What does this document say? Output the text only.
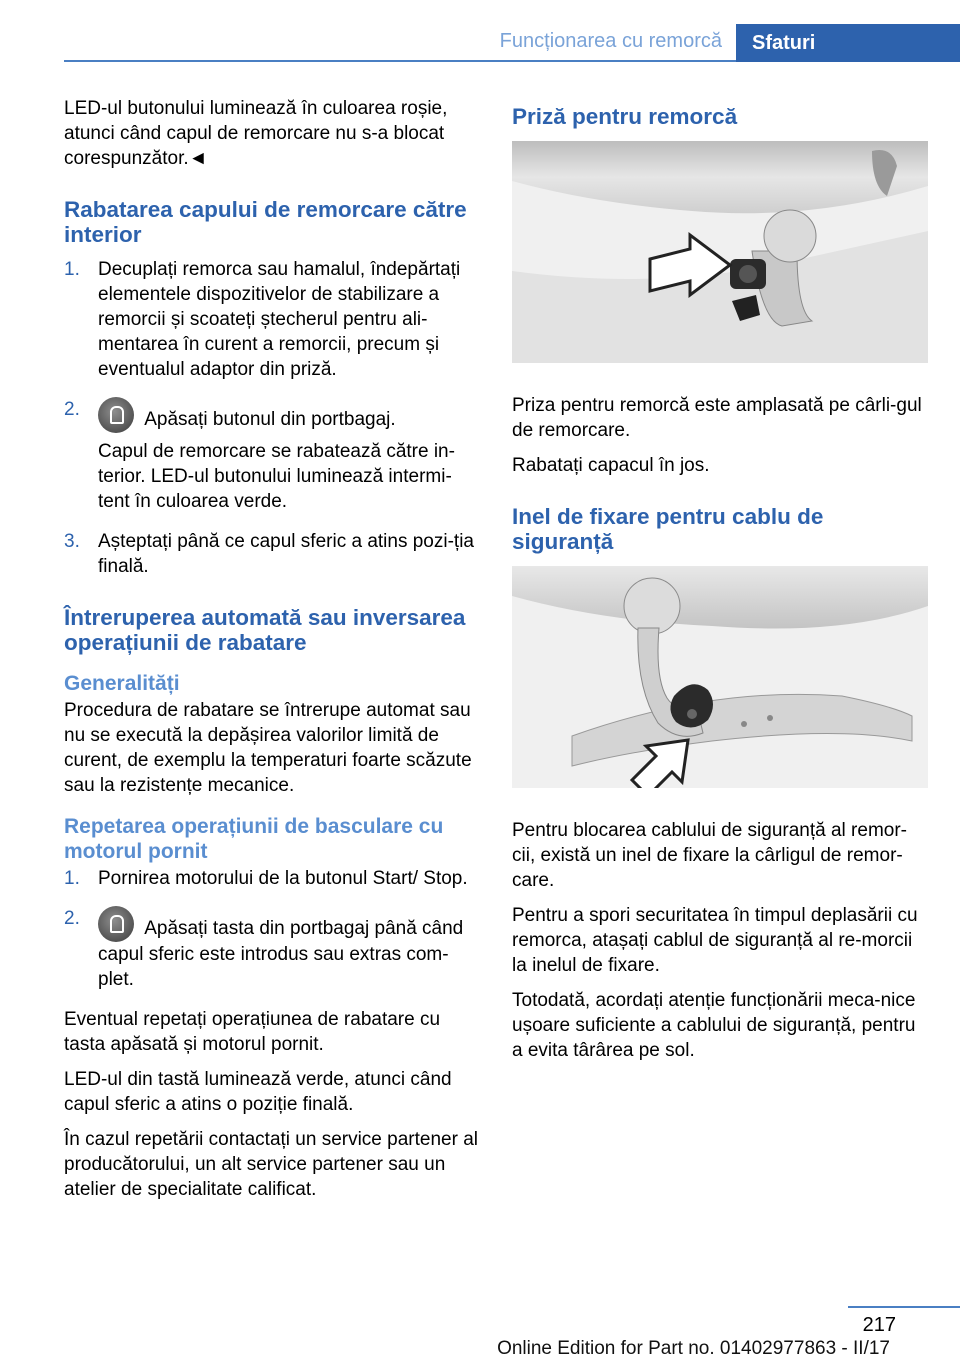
Funcționarea cu remorcă	Sfaturi

LED-ul butonului luminează în culoarea roșie, atunci când capul de remorcare nu s-a blocat corespunzător.◄

Rabatarea capului de remorcare către interior
1. Decuplați remorca sau hamalul, îndepărtați elementele dispozitivelor de stabilizare a remorcii și scoateți ștecherul pentru ali‐mentarea în curent a remorcii, precum și eventualul adaptor din priză.
2.	Apăsați butonul din portbagaj.
Capul de remorcare se rabatează către in‐terior. LED-ul butonului luminează intermi‐tent în culoarea verde.
3. Așteptați până ce capul sferic a atins pozi‐ția finală.
Întreruperea automată sau inversarea operațiunii de rabatare
Generalități

Procedura de rabatare se întrerupe automat sau nu se execută la depășirea valorilor limită de curent, de exemplu la temperaturi foarte scăzute sau la rezistențe mecanice.

Repetarea operațiunii de basculare cu motorul pornit
1. Pornirea motorului de la butonul Start/ Stop.
2.	Apăsați tasta din portbagaj până când capul sferic este introdus sau extras com‐plet.

Eventual repetați operațiunea de rabatare cu tasta apăsată și motorul pornit.

LED-ul din tastă luminează verde, atunci când capul sferic a atins o poziție finală.

În cazul repetării contactați un service partener al producătorului, un alt service partener sau un atelier de specialitate calificat.

Priză pentru remorcă

Priza pentru remorcă este amplasată pe cârli‐gul de remorcare.

Rabatați capacul în jos.

Inel de fixare pentru cablu de siguranță

Pentru blocarea cablului de siguranță al remor‐cii, există un inel de fixare la cârligul de remor‐care.

Pentru a spori securitatea în timpul deplasării cu remorca, atașați cablul de siguranță al re‐morcii la inelul de fixare.

Totodată, acordați atenție funcționării meca‐nice ușoare suficiente a cablului de siguranță, pentru a evita târârea pe sol.

217
Online Edition for Part no. 01402977863 - II/17
